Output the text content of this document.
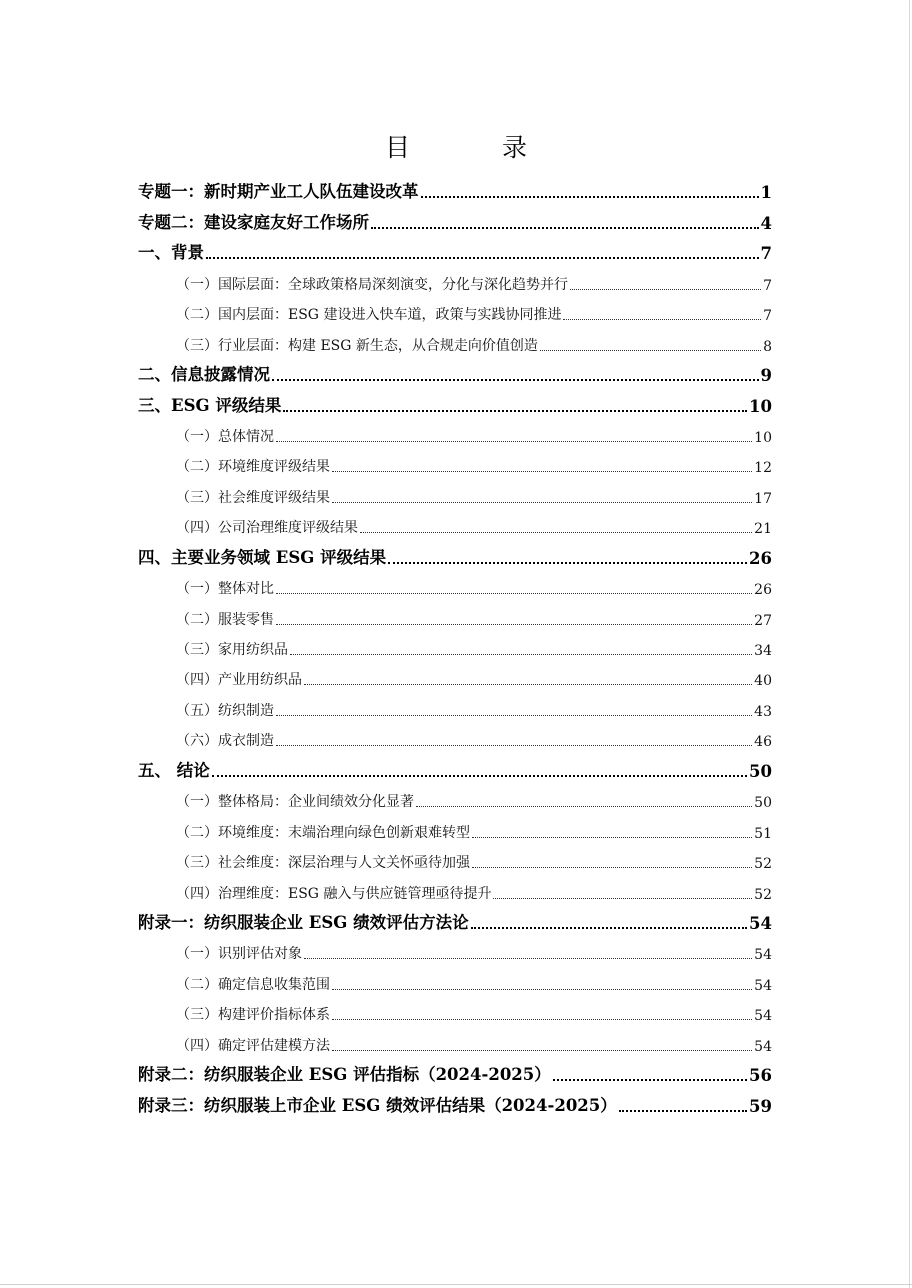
目 录
专题一：新时期产业工人队伍建设改革	1
专题二：建设家庭友好工作场所	4
一、背景	7
（一）国际层面：全球政策格局深刻演变，分化与深化趋势并行	7
（二）国内层面：ESG 建设进入快车道，政策与实践协同推进	7
（三）行业层面：构建 ESG 新生态，从合规走向价值创造	8
二、信息披露情况	9
三、ESG 评级结果	10
（一）总体情况	10
（二）环境维度评级结果	12
（三）社会维度评级结果	17
（四）公司治理维度评级结果	21
四、主要业务领域 ESG 评级结果	26
（一）整体对比	26
（二）服装零售	27
（三）家用纺织品	34
（四）产业用纺织品	40
（五）纺织制造	43
（六）成衣制造	46
五、 结论	50
（一）整体格局：企业间绩效分化显著	50
（二）环境维度：末端治理向绿色创新艰难转型	51
（三）社会维度：深层治理与人文关怀亟待加强	52
（四）治理维度：ESG 融入与供应链管理亟待提升	52
附录一：纺织服装企业 ESG 绩效评估方法论	54
（一）识别评估对象	54
（二）确定信息收集范围	54
（三）构建评价指标体系	54
（四）确定评估建模方法	54
附录二：纺织服装企业 ESG 评估指标（2024-2025）	56
附录三：纺织服装上市企业 ESG 绩效评估结果（2024-2025）	59
